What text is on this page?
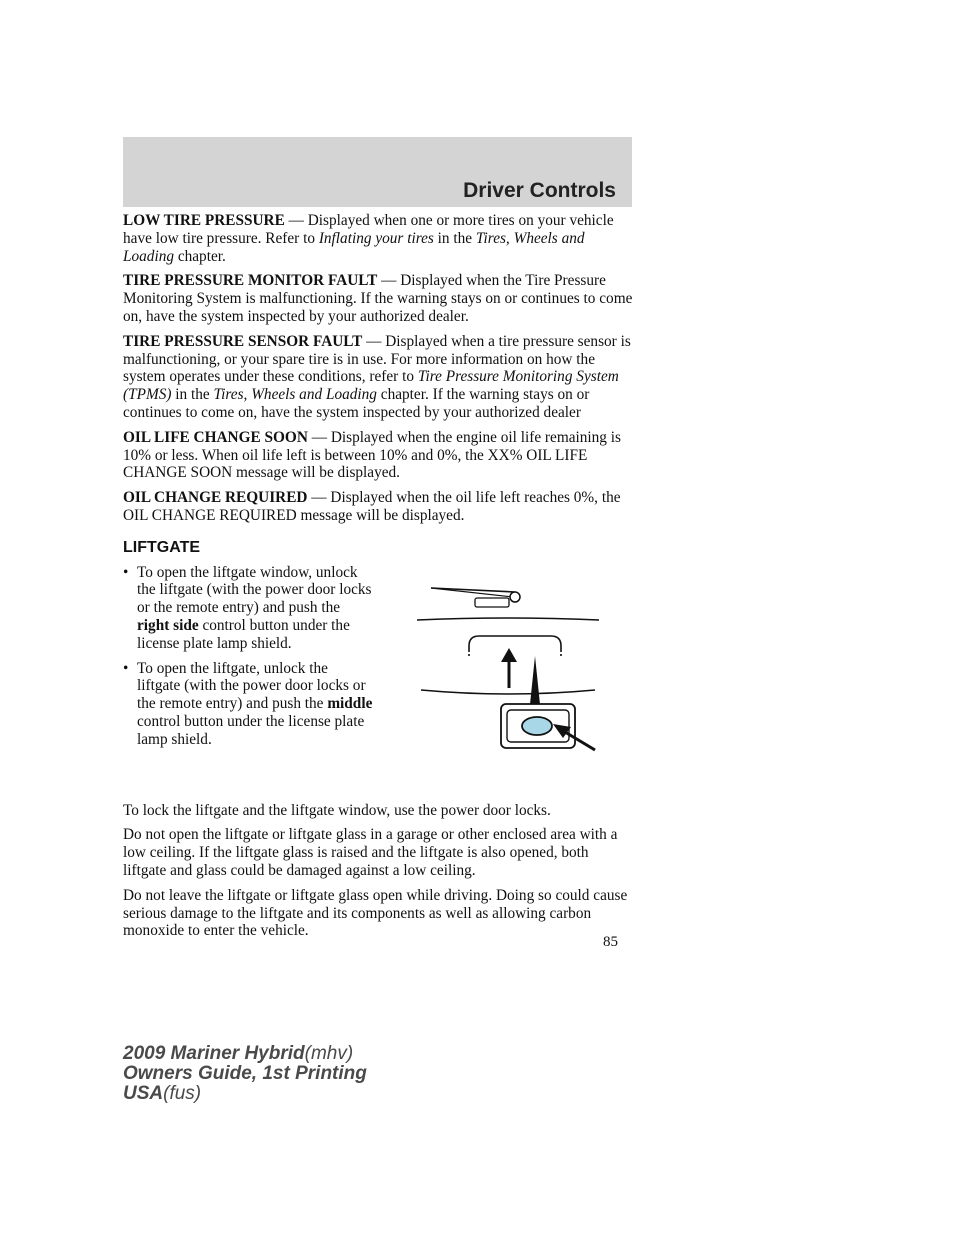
Driver Controls

LOW TIRE PRESSURE — Displayed when one or more tires on your vehicle have low tire pressure. Refer to Inflating your tires in the Tires, Wheels and Loading chapter.

TIRE PRESSURE MONITOR FAULT — Displayed when the Tire Pressure Monitoring System is malfunctioning. If the warning stays on or continues to come on, have the system inspected by your authorized dealer.

TIRE PRESSURE SENSOR FAULT — Displayed when a tire pressure sensor is malfunctioning, or your spare tire is in use. For more information on how the system operates under these conditions, refer to Tire Pressure Monitoring System (TPMS) in the Tires, Wheels and Loading chapter. If the warning stays on or continues to come on, have the system inspected by your authorized dealer

OIL LIFE CHANGE SOON — Displayed when the engine oil life remaining is 10% or less. When oil life left is between 10% and 0%, the XX% OIL LIFE CHANGE SOON message will be displayed.

OIL CHANGE REQUIRED — Displayed when the oil life left reaches 0%, the OIL CHANGE REQUIRED message will be displayed.

LIFTGATE
• To open the liftgate window, unlock the liftgate (with the power door locks or the remote entry) and push the right side control button under the license plate lamp shield.
• To open the liftgate, unlock the liftgate (with the power door locks or the remote entry) and push the middle control button under the license plate lamp shield.

To lock the liftgate and the liftgate window, use the power door locks.

Do not open the liftgate or liftgate glass in a garage or other enclosed area with a low ceiling. If the liftgate glass is raised and the liftgate is also opened, both liftgate and glass could be damaged against a low ceiling.

Do not leave the liftgate or liftgate glass open while driving. Doing so could cause serious damage to the liftgate and its components as well as allowing carbon monoxide to enter the vehicle.

85
2009 Mariner Hybrid(mhv)
Owners Guide, 1st Printing
USA(fus)
